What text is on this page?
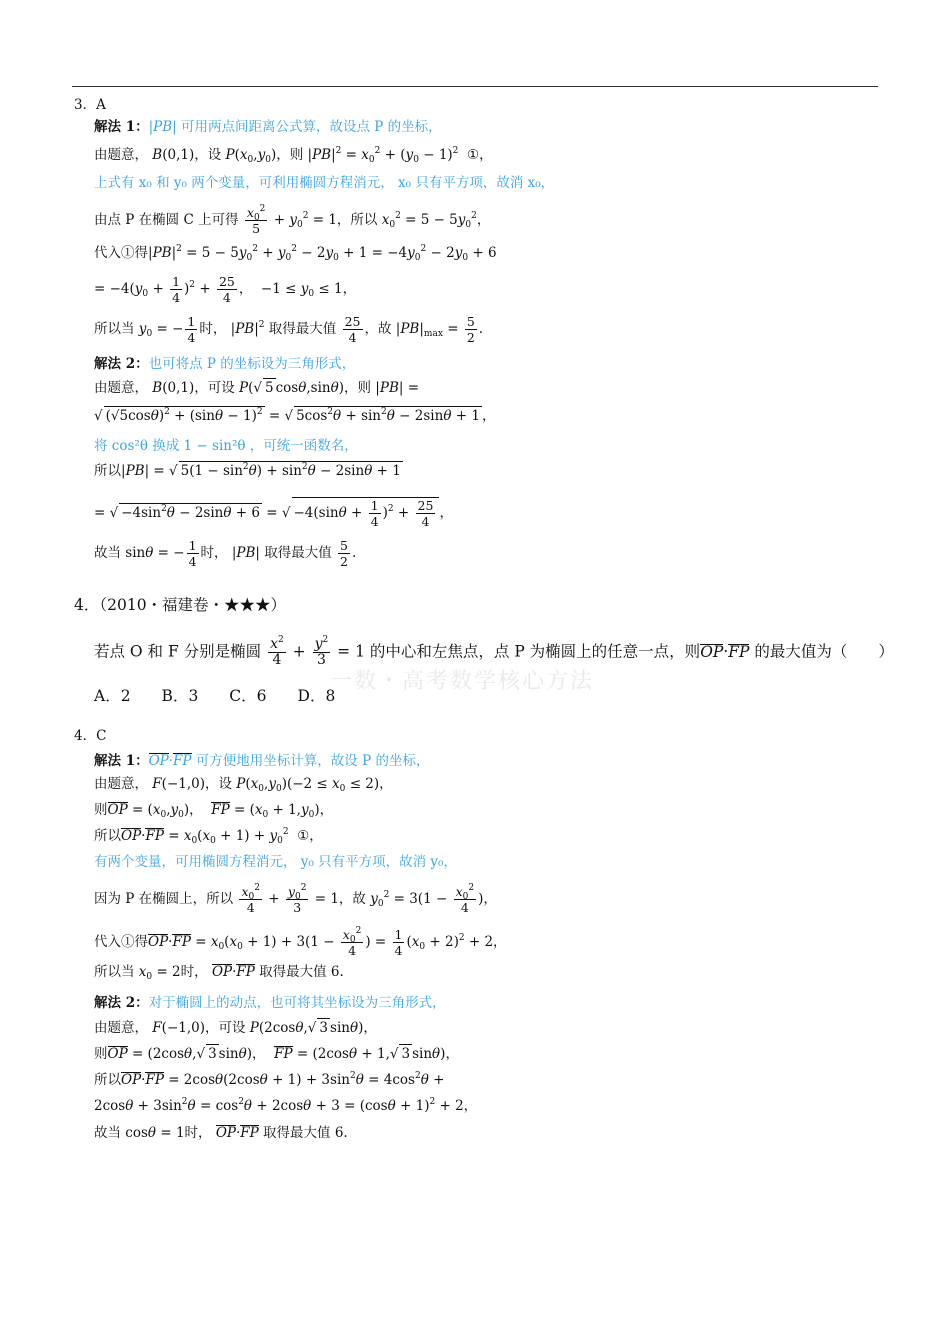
3．A
解法 1：|PB| 可用两点间距离公式算，故设点 P 的坐标，
由题意， B(0,1)，设 $P(x_0,y_0)$，则 $|PB|^2 = x_0^2 + (y_0 - 1)^2$ ①，
上式有 x₀ 和 y₀ 两个变量，可利用椭圆方程消元， x₀ 只有平方项，故消 x₀，
由点 P 在椭圆 C 上可得 $\frac{x_0^2}{5} + y_0^2 = 1$，所以 $x_0^2 = 5 - 5y_0^2$，
代入①得$|PB|^2 = 5 - 5y_0^2 + y_0^2 - 2y_0 + 1 = -4y_0^2 - 2y_0 + 6$
= $-4(y_0 + \frac{1}{4} )^2 + \frac{25}{4}$ ，  $-1 \le y_0 \le 1$，
所以当 $y_0$ = − $\frac{1}{4}$ 时， $|PB|^2$ 取得最大值 $\frac{25}{4}$ ，故 $|PB|_{max} = \frac{5}{2}$ .
解法 2：也可将点 P 的坐标设为三角形式，
由题意， B(0,1)，可设 P(√ 5 cosθ,sinθ)，则 |PB| =
√ $(√5\cos\theta)^2 + (\sin\theta - 1)^2$ = √ $5\cos^2\theta + \sin^2\theta - 2\sin\theta + 1$ ，
将 cos²θ 换成 1 − sin²θ ，可统一函数名，
所以|PB| = √ $5(1 - \sin^2\theta) + \sin^2\theta - 2\sin\theta + 1$
= √ $-4\sin^2\theta - 2\sin\theta + 6$ = √ $-4(\sin\theta + \frac{1}{4} )^2 + \frac{25}{4}$ ，
故当 sinθ = − $\frac{1}{4}$ 时， |PB| 取得最大值 $\frac{5}{2}$ .
4．（2010・福建卷・★★★）
若点 O 和 F 分别是椭圆 $\frac{x^2}{4} + \frac{y^2}{3} = 1$ 的中心和左焦点，点 P 为椭圆上的任意一点，则OP·FP 的最大值为（　　）
一数・高考数学核心方法
A．2　　B．3　　C．6　　D．8
4．C
解法 1：OP·FP 可方便地用坐标计算，故设 P 的坐标，
由题意， F(−1,0)，设 $P(x_0,y_0)(-2 \le x_0 \le 2)$，
则OP = $(x_0,y_0)$，  FP = $(x_0 + 1,y_0)$，
所以$OP\cdot FP = x_0(x_0 + 1) + y_0^2$ ①，
有两个变量，可用椭圆方程消元， y₀ 只有平方项，故消 y₀，
因为 P 在椭圆上，所以 $\frac{x_0^2}{4} + \frac{y_0^2}{3} = 1$，故 $y_0^2 = 3(1 - \frac{x_0^2}{4}$ )，
代入①得$OP\cdot FP = x_0(x_0 + 1) + 3(1 - \frac{x_0^2}{4}$ ) = $\frac{1}{4} (x_0 + 2)^2 + 2$，
所以当 $x_0 = 2$时， OP·FP 取得最大值 6.
解法 2：对于椭圆上的动点，也可将其坐标设为三角形式，
由题意， F(−1,0)，可设 P(2cosθ,√ 3 sinθ)，
则OP = (2cosθ,√ 3 sinθ)，  FP = (2cosθ + 1,√ 3 sinθ)，
所以$OP\cdot FP = 2\cos\theta(2\cos\theta + 1) + 3\sin^2\theta = 4\cos^2\theta$ +
$2\cos\theta + 3\sin^2\theta = \cos^2\theta + 2\cos\theta + 3 = (\cos\theta + 1)^2 + 2$，
故当 cosθ = 1时， OP·FP 取得最大值 6.
